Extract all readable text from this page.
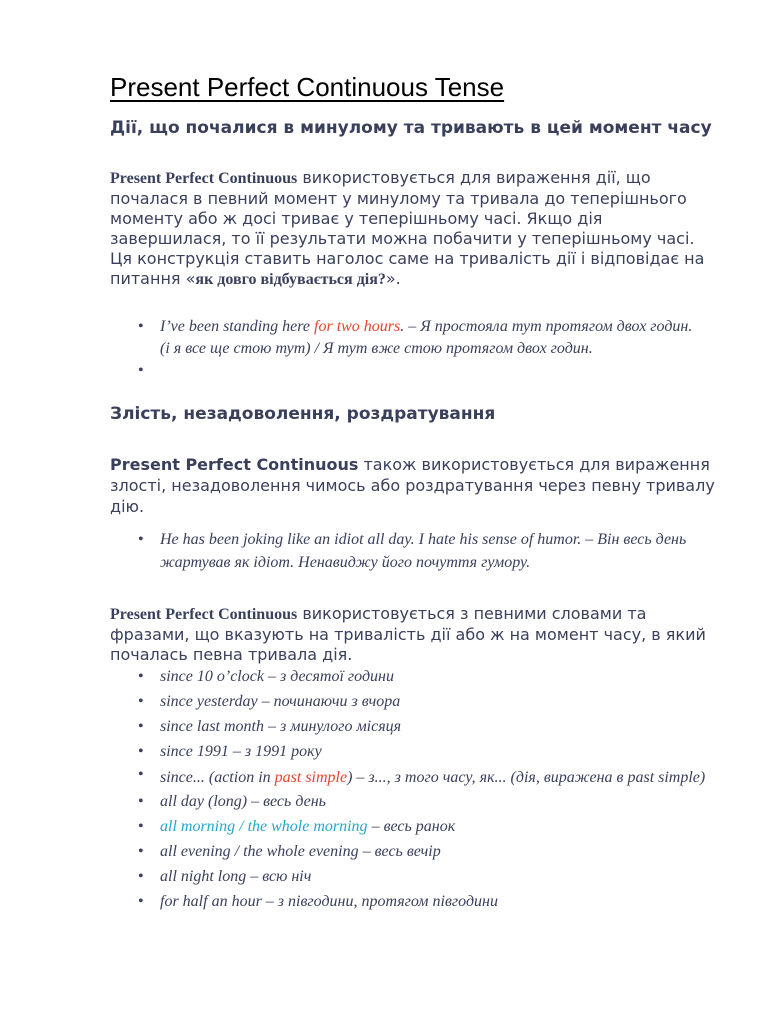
Present Perfect Continuous Tense
Дії, що почалися в минулому та тривають в цей момент часу

Present Perfect Continuous використовується для вираження дії, що почалася в певний момент у минулому та тривала до теперішнього моменту або ж досі триває у теперішньому часі. Якщо дія завершилася, то її результати можна побачити у теперішньому часі. Ця конструкція ставить наголос саме на тривалість дії і відповідає на питання «як довго відбувається дія?».

• I’ve been standing here for two hours. – Я простояла тут протягом двох годин. (і я все ще стою тут) / Я тут вже стою протягом двох годин.
•
Злість, незадоволення, роздратування

Present Perfect Continuous також використовується для вираження злості, незадоволення чимось або роздратування через певну тривалу дію.

• He has been joking like an idiot all day. I hate his sense of humor. – Він весь день жартував як ідіот. Ненавиджу його почуття гумору.

Present Perfect Continuous використовується з певними словами та фразами, що вказують на тривалість дії або ж на момент часу, в який почалась певна тривала дія.

• since 10 o’clock – з десятої години
• since yesterday – починаючи з вчора
• since last month – з минулого місяця
• since 1991 – з 1991 року
• since... (action in past simple) – з..., з того часу, як... (дія, виражена в past simple)
• all day (long) – весь день
• all morning / the whole morning – весь ранок
• all evening / the whole evening – весь вечір
• all night long – всю ніч
• for half an hour – з півгодини, протягом півгодини
